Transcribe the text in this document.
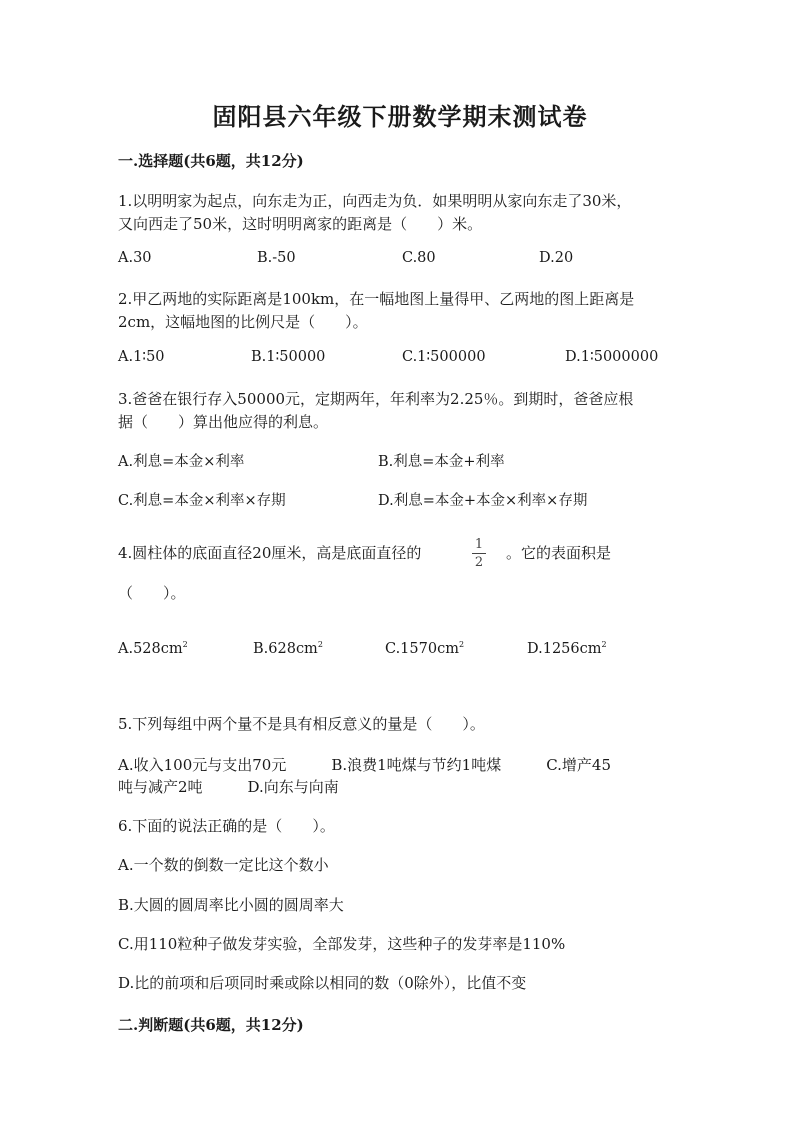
固阳县六年级下册数学期末测试卷
一.选择题(共6题，共12分)
1.以明明家为起点，向东走为正，向西走为负．如果明明从家向东走了30米，
又向西走了50米，这时明明离家的距离是（　　）米。
A.30	B.-50	C.80	D.20
2.甲乙两地的实际距离是100km，在一幅地图上量得甲、乙两地的图上距离是
2cm，这幅地图的比例尺是（　　）。
A.1∶50	B.1∶50000	C.1∶500000	D.1∶5000000
3.爸爸在银行存入50000元，定期两年，年利率为2.25％。到期时，爸爸应根
据（　　）算出他应得的利息。
A.利息=本金×利率	B.利息=本金+利率
C.利息=本金×利率×存期	D.利息=本金+本金×利率×存期
4.圆柱体的底面直径20厘米，高是底面直径的	1
2
。它的表面积是
（　　）。
$A.528cm^2$	$B.628cm^2$	$C.1570cm^2$	$D.1256cm^2$
5.下列每组中两个量不是具有相反意义的量是（　　）。
A.收入100元与支出70元　　　B.浪费1吨煤与节约1吨煤　　　C.增产45
吨与减产2吨　　　D.向东与向南
6.下面的说法正确的是（　　）。
A.一个数的倒数一定比这个数小
B.大圆的圆周率比小圆的圆周率大
C.用110粒种子做发芽实验，全部发芽，这些种子的发芽率是110%
D.比的前项和后项同时乘或除以相同的数（0除外），比值不变
二.判断题(共6题，共12分)
